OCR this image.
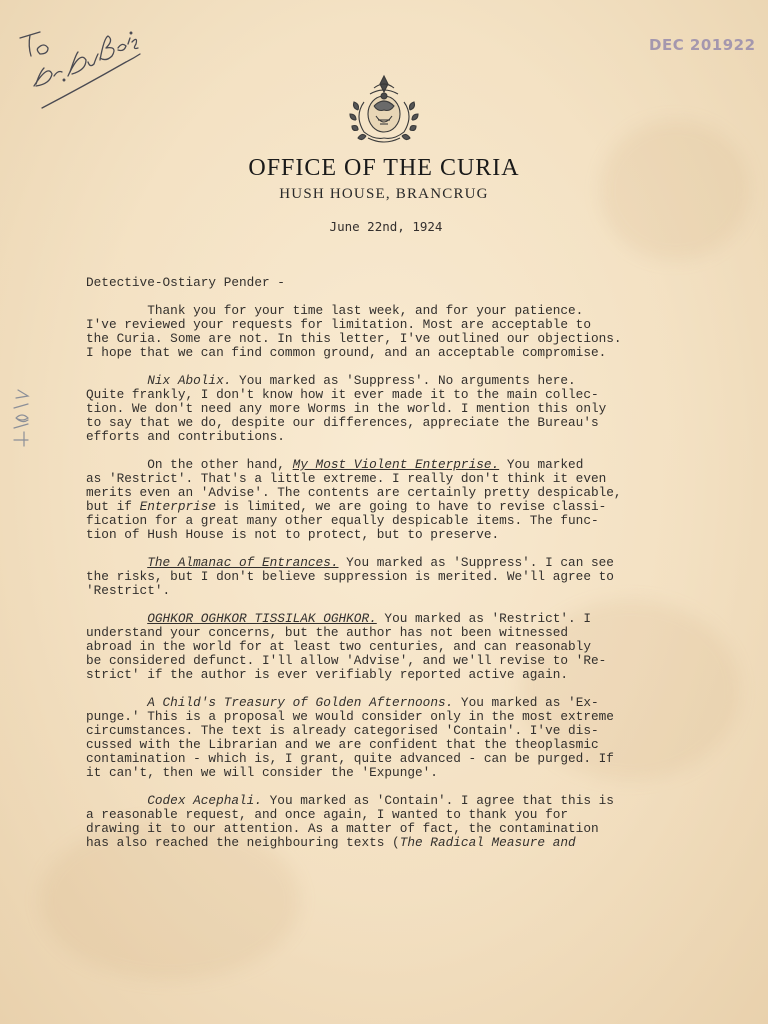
To
DEC 201922
OFFICE OF THE CURIA
HUSH HOUSE, BRANCRUG
June 22nd, 1924

Detective-Ostiary Pender -

Thank you for your time last week, and for your patience.
I've reviewed your requests for limitation. Most are acceptable to
the Curia. Some are not. In this letter, I've outlined our objections.
I hope that we can find common ground, and an acceptable compromise.

Nix Abolix. You marked as 'Suppress'. No arguments here.
Quite frankly, I don't know how it ever made it to the main collec-
tion. We don't need any more Worms in the world. I mention this only
to say that we do, despite our differences, appreciate the Bureau's
efforts and contributions.

On the other hand, My Most Violent Enterprise. You marked
as 'Restrict'. That's a little extreme. I really don't think it even
merits even an 'Advise'. The contents are certainly pretty despicable,
but if Enterprise is limited, we are going to have to revise classi-
fication for a great many other equally despicable items. The func-
tion of Hush House is not to protect, but to preserve.

The Almanac of Entrances. You marked as 'Suppress'. I can see
the risks, but I don't believe suppression is merited. We'll agree to
'Restrict'.

OGHKOR OGHKOR TISSILAK OGHKOR. You marked as 'Restrict'. I
understand your concerns, but the author has not been witnessed
abroad in the world for at least two centuries, and can reasonably
be considered defunct. I'll allow 'Advise', and we'll revise to 'Re-
strict' if the author is ever verifiably reported active again.

A Child's Treasury of Golden Afternoons. You marked as 'Ex-
punge.' This is a proposal we would consider only in the most extreme
circumstances. The text is already categorised 'Contain'. I've dis-
cussed with the Librarian and we are confident that the theoplasmic
contamination - which is, I grant, quite advanced - can be purged. If
it can't, then we will consider the 'Expunge'.

Codex Acephali. You marked as 'Contain'. I agree that this is
a reasonable request, and once again, I wanted to thank you for
drawing it to our attention. As a matter of fact, the contamination
has also reached the neighbouring texts (The Radical Measure and
